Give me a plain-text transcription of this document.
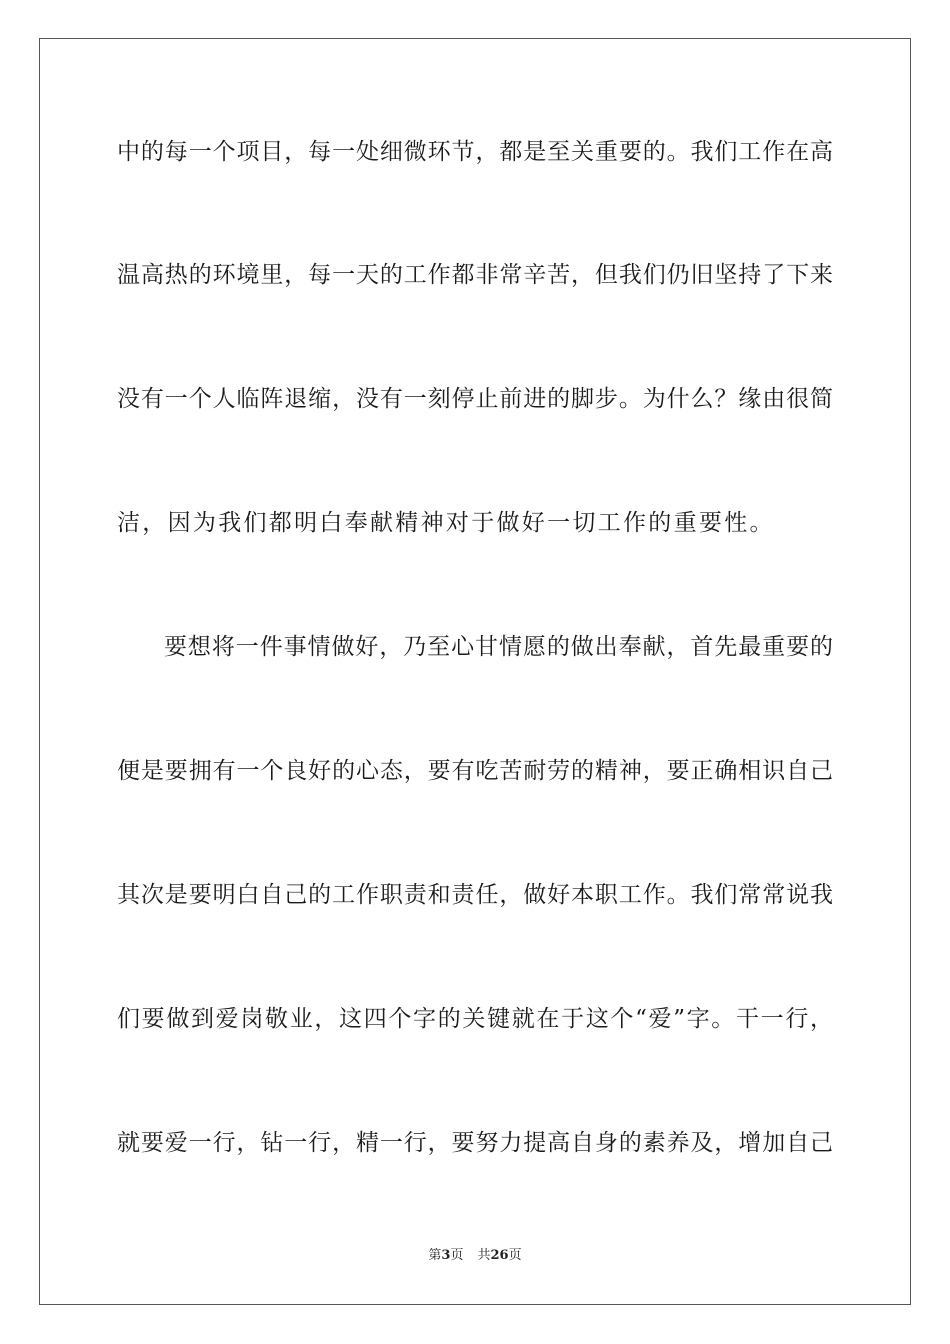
中的每一个项目，每一处细微环节，都是至关重要的。我们工作在高
温高热的环境里，每一天的工作都非常辛苦，但我们仍旧坚持了下来
没有一个人临阵退缩，没有一刻停止前进的脚步。为什么？缘由很简
洁，因为我们都明白奉献精神对于做好一切工作的重要性。
要想将一件事情做好，乃至心甘情愿的做出奉献，首先最重要的
便是要拥有一个良好的心态，要有吃苦耐劳的精神，要正确相识自己
其次是要明白自己的工作职责和责任，做好本职工作。我们常常说我
们要做到爱岗敬业，这四个字的关键就在于这个“爱”字。干一行，
就要爱一行，钻一行，精一行，要努力提高自身的素养及，增加自己
第3页 共26页
